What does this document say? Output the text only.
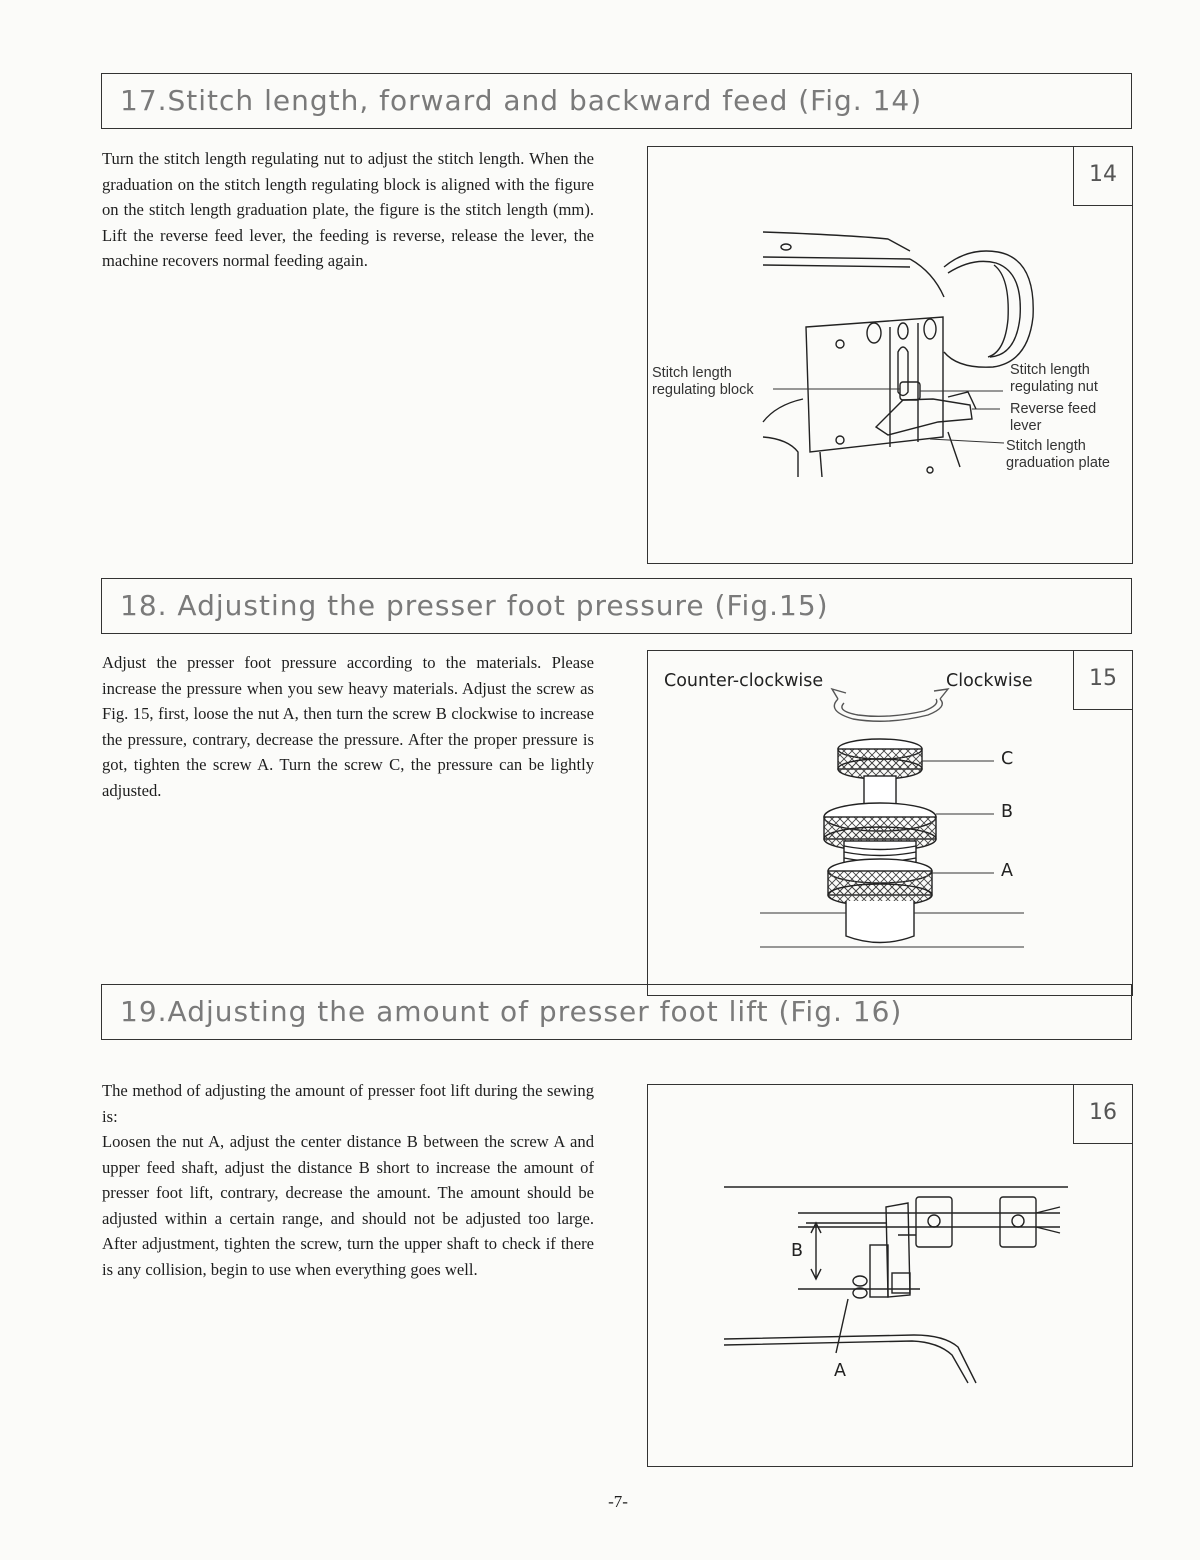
17.Stitch length, forward and backward feed (Fig. 14)

Turn the stitch length regulating nut to adjust the stitch length. When the graduation on the stitch length regulating block is aligned with the figure on the stitch length graduation plate, the figure is the stitch length (mm). Lift the reverse feed lever, the feeding is reverse, release the lever, the machine recovers normal feeding again.

14
Stitch length
regulating block
Stitch length
regulating nut
Reverse feed
lever
Stitch length
graduation plate
18. Adjusting the presser foot pressure (Fig.15)

Adjust the presser foot pressure according to the materials. Please increase the pressure when you sew heavy materials. Adjust the screw as Fig. 15, first, loose the nut A, then turn the screw B clockwise to increase the pressure, contrary, decrease the pressure. After the proper pressure is got, tighten the screw A. Turn the screw C, the pressure can be lightly adjusted.

15
Counter-clockwise	Clockwise
C
B
A
19.Adjusting the amount of presser foot lift (Fig. 16)

The method of adjusting the amount of presser foot lift during the sewing is:

Loosen the nut A, adjust the center distance B between the screw A and upper feed shaft, adjust the distance B short to increase the amount of presser foot lift, contrary, decrease the amount. The amount should be adjusted within a certain range, and should not be adjusted too large. After adjustment, tighten the screw, turn the upper shaft to check if there is any collision, begin to use when everything goes well.

16
B
A
-7-
